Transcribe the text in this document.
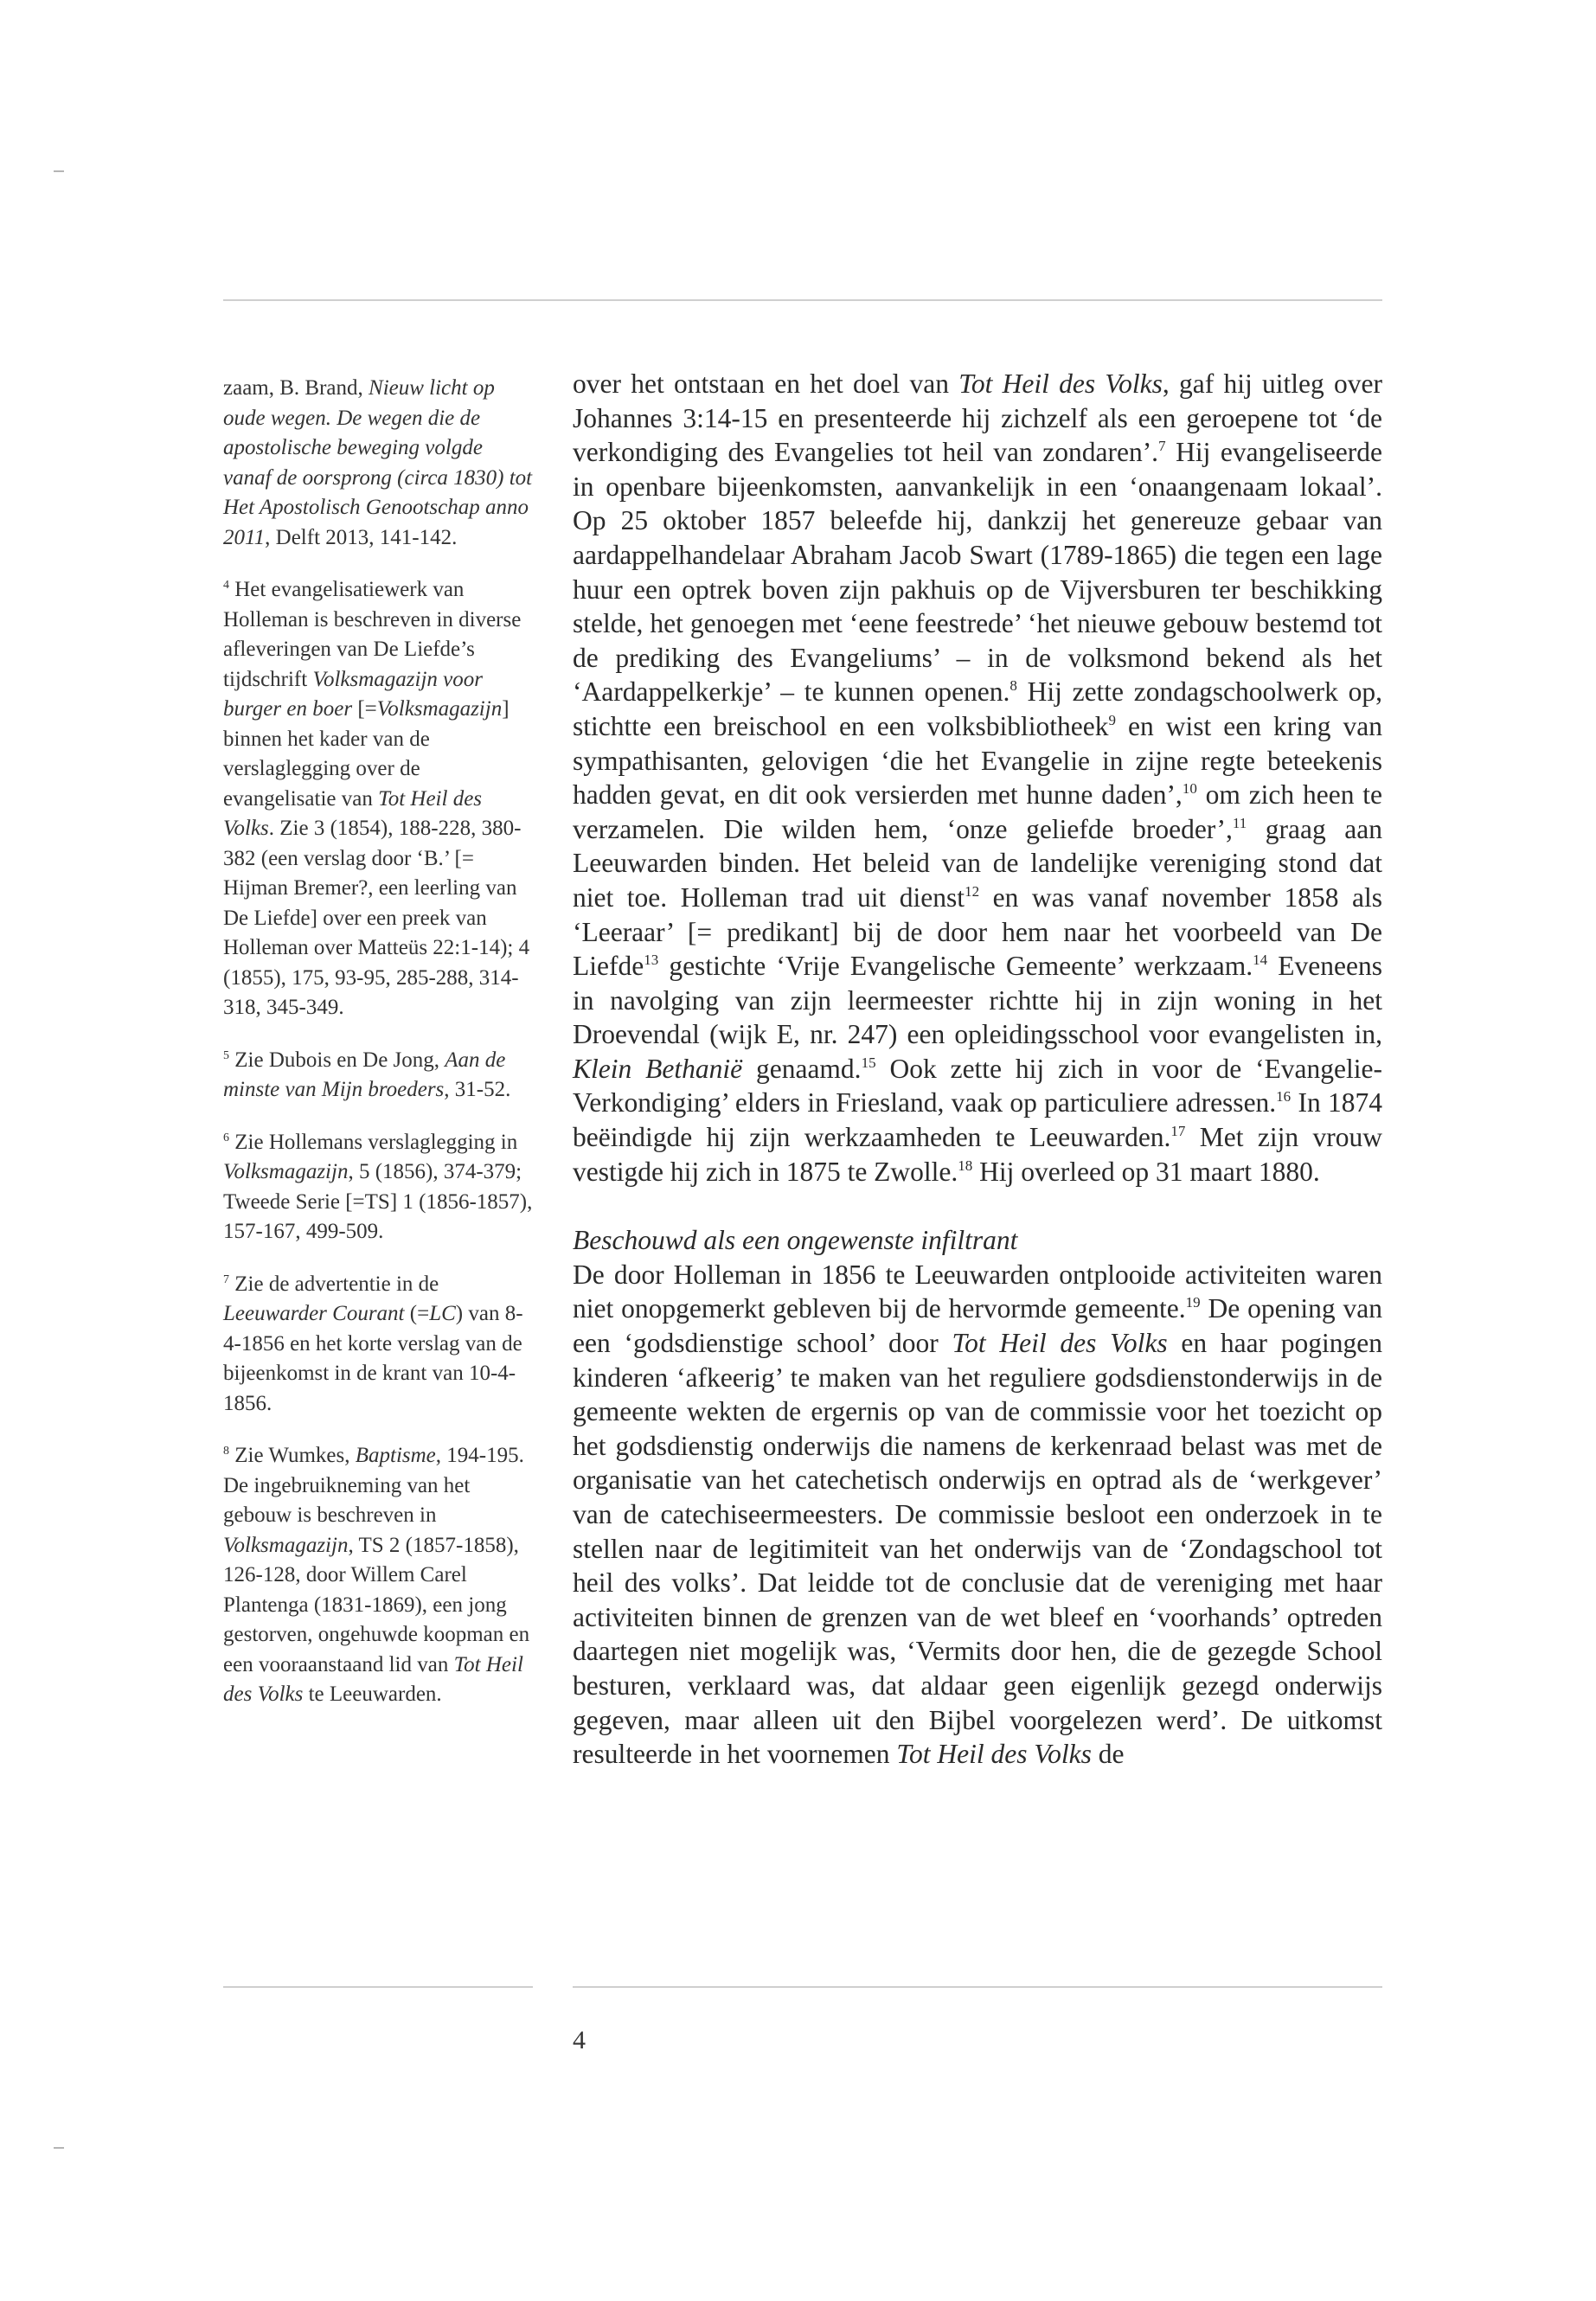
zaam, B. Brand, Nieuw licht op oude wegen. De wegen die de apostolische beweging volgde vanaf de oorsprong (circa 1830) tot Het Apostolisch Genootschap anno 2011, Delft 2013, 141-142.
$^4$ Het evangelisatiewerk van Holleman is beschreven in diverse afleveringen van De Liefde’s tijdschrift Volksmagazijn voor burger en boer [=Volksmagazijn] binnen het kader van de verslaglegging over de evangelisatie van Tot Heil des Volks. Zie 3 (1854), 188-228, 380-382 (een verslag door ‘B.’ [= Hijman Bremer?, een leerling van De Liefde] over een preek van Holleman over Matteüs 22:1-14); 4 (1855), 175, 93-95, 285-288, 314-318, 345-349.
$^5$ Zie Dubois en De Jong, Aan de minste van Mijn broeders, 31-52.
$^6$ Zie Hollemans verslaglegging in Volksmagazijn, 5 (1856), 374-379; Tweede Serie [=TS] 1 (1856-1857), 157-167, 499-509.
$^7$ Zie de advertentie in de Leeuwarder Courant (=LC) van 8-4-1856 en het korte verslag van de bijeenkomst in de krant van 10-4-1856.
$^8$ Zie Wumkes, Baptisme, 194-195. De ingebruikneming van het gebouw is beschreven in Volksmagazijn, TS 2 (1857-1858), 126-128, door Willem Carel Plantenga (1831-1869), een jong gestorven, ongehuwde koopman en een vooraanstaand lid van Tot Heil des Volks te Leeuwarden.

over het ontstaan en het doel van Tot Heil des Volks, gaf hij uitleg over Johannes 3:14-15 en presenteerde hij zichzelf als een geroepene tot ‘de verkondiging des Evangelies tot heil van zondaren’.$^7$ Hij evangeliseerde in openbare bijeenkomsten, aanvankelijk in een ‘onaangenaam lokaal’. Op 25 oktober 1857 beleefde hij, dankzij het genereuze gebaar van aardappelhandelaar Abraham Jacob Swart (1789-1865) die tegen een lage huur een optrek boven zijn pakhuis op de Vijversburen ter beschikking stelde, het genoegen met ‘eene feestrede’ ‘het nieuwe gebouw bestemd tot de prediking des Evangeliums’ – in de volksmond bekend als het ‘Aardappelkerkje’ – te kunnen openen.$^8$ Hij zette zondagschoolwerk op, stichtte een breischool en een volksbibliotheek$^9$ en wist een kring van sympathisanten, gelovigen ‘die het Evangelie in zijne regte beteekenis hadden gevat, en dit ook versierden met hunne daden’,$^{10}$ om zich heen te verzamelen. Die wilden hem, ‘onze geliefde broeder’,$^{11}$ graag aan Leeuwarden binden. Het beleid van de landelijke vereniging stond dat niet toe. Holleman trad uit dienst$^{12}$ en was vanaf november 1858 als ‘Leeraar’ [= predikant] bij de door hem naar het voorbeeld van De Liefde$^{13}$ gestichte ‘Vrije Evangelische Gemeente’ werkzaam.$^{14}$ Eveneens in navolging van zijn leermeester richtte hij in zijn woning in het Droevendal (wijk E, nr. 247) een opleidingsschool voor evangelisten in, Klein Bethanië genaamd.$^{15}$ Ook zette hij zich in voor de ‘Evangelie-Verkondiging’ elders in Friesland, vaak op particuliere adressen.$^{16}$ In 1874 beëindigde hij zijn werkzaamheden te Leeuwarden.$^{17}$ Met zijn vrouw vestigde hij zich in 1875 te Zwolle.$^{18}$ Hij overleed op 31 maart 1880.

Beschouwd als een ongewenste infiltrant

De door Holleman in 1856 te Leeuwarden ontplooide activiteiten waren niet onopgemerkt gebleven bij de hervormde gemeente.$^{19}$ De opening van een ‘godsdienstige school’ door Tot Heil des Volks en haar pogingen kinderen ‘afkeerig’ te maken van het reguliere godsdienstonderwijs in de gemeente wekten de ergernis op van de commissie voor het toezicht op het godsdienstig onderwijs die namens de kerkenraad belast was met de organisatie van het catechetisch onderwijs en optrad als de ‘werkgever’ van de catechiseermeesters. De commissie besloot een onderzoek in te stellen naar de legitimiteit van het onderwijs van de ‘Zondagschool tot heil des volks’. Dat leidde tot de conclusie dat de vereniging met haar activiteiten binnen de grenzen van de wet bleef en ‘voorhands’ optreden daartegen niet mogelijk was, ‘Vermits door hen, die de gezegde School besturen, verklaard was, dat aldaar geen eigenlijk gezegd onderwijs gegeven, maar alleen uit den Bijbel voorgelezen werd’. De uitkomst resulteerde in het voornemen Tot Heil des Volks de

4
